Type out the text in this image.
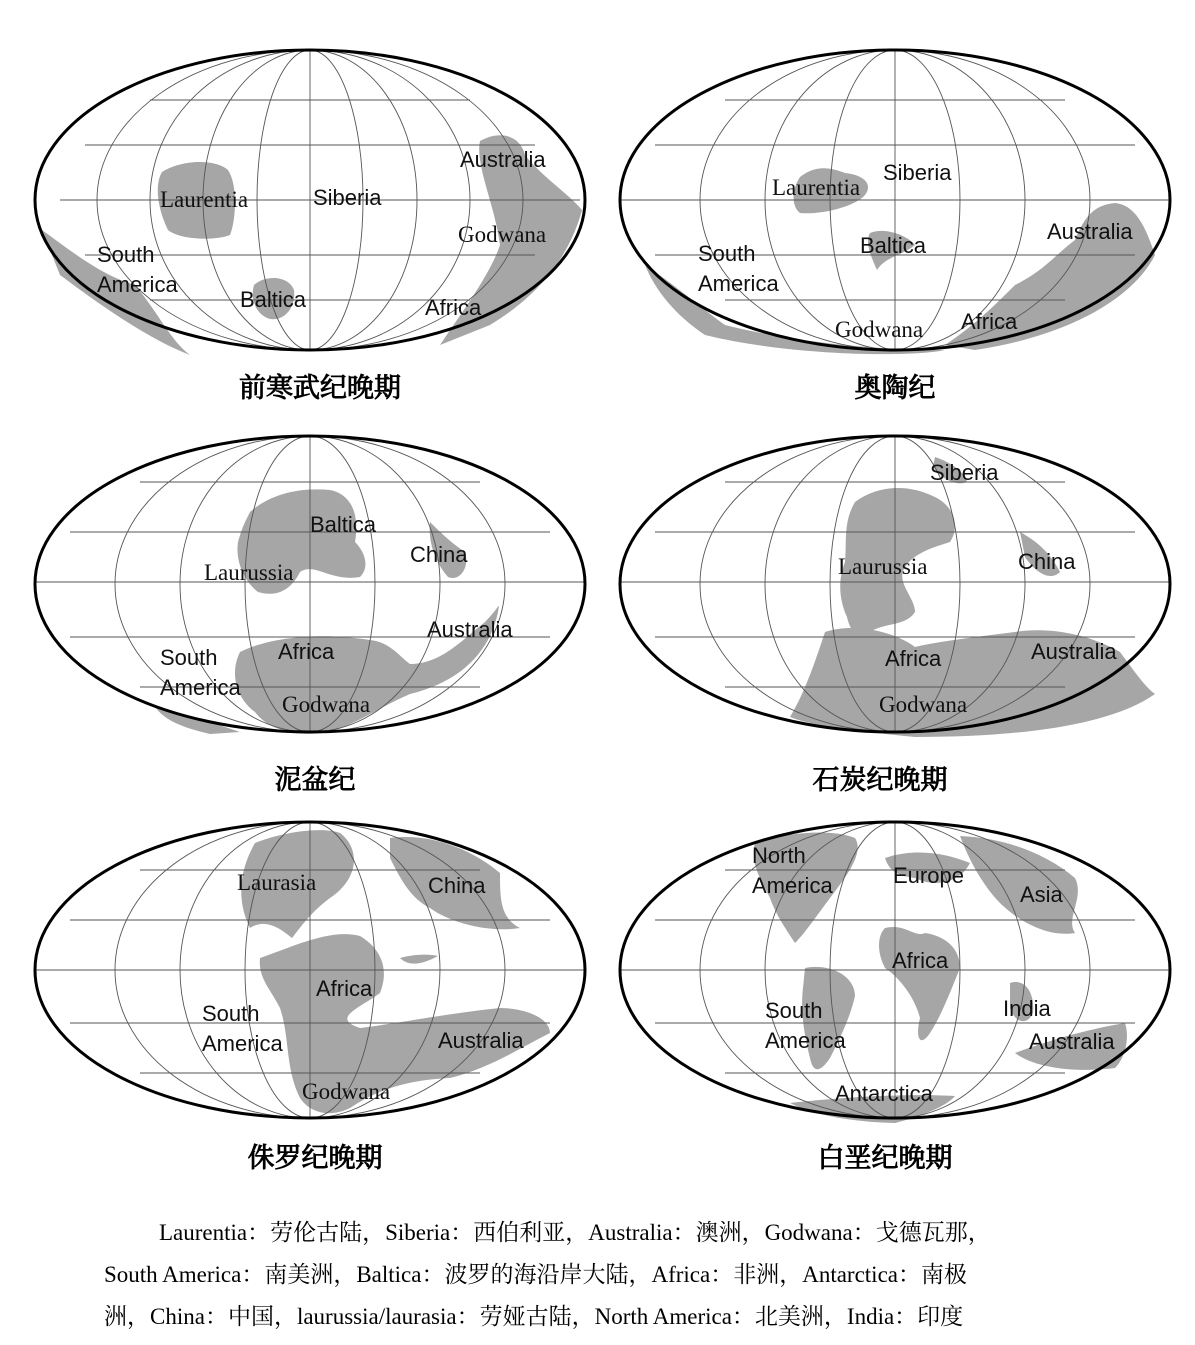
Laurentia	Siberia
Australia
Godwana
South
America
Baltica	Africa
前寒武纪晚期
Laurentia
Siberia
Baltica
Australia
South
America
Godwana Africa
奥陶纪
Baltica
Laurussia
China
Australia
Africa
South
America
Godwana
泥盆纪
Siberia
Laurussia	China
Australia
Africa
Godwana
石炭纪晚期
Laurasia	China
Africa
South
America	Australia
Godwana
侏罗纪晚期
North
America	Europe
Asia
Africa
India
South
America	Australia
Antarctica
白垩纪晚期

Laurentia：劳伦古陆，Siberia：西伯利亚，Australia：澳洲，Godwana：戈德瓦那，

South America：南美洲，Baltica：波罗的海沿岸大陆，Africa：非洲，Antarctica：南极

洲，China：中国，laurussia/laurasia：劳娅古陆，North America：北美洲，India：印度
